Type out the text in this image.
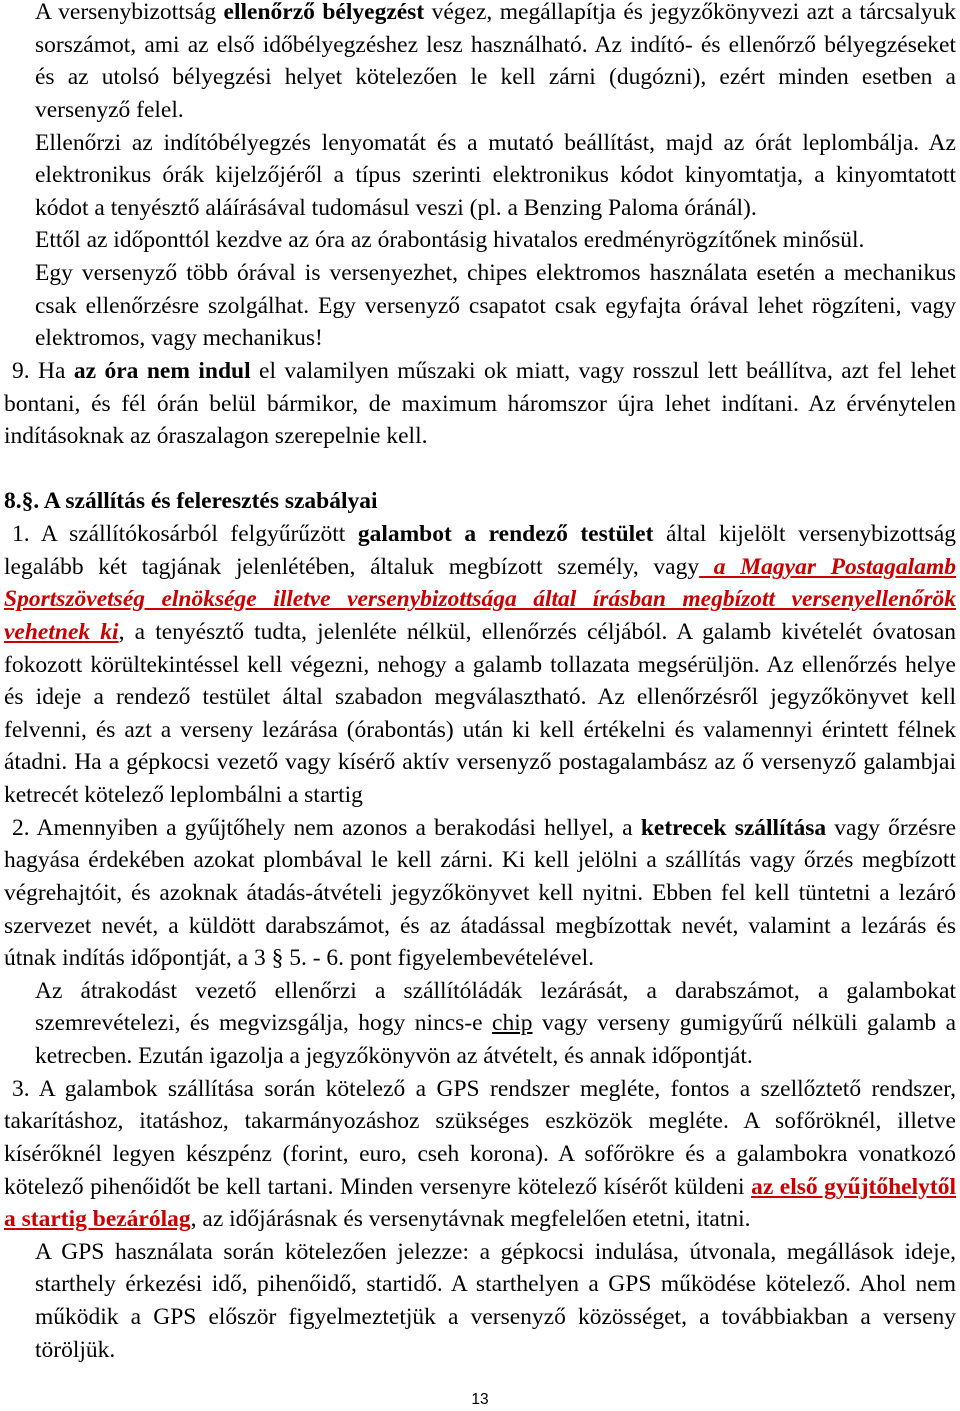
A versenybizottság ellenőrző bélyegzést végez, megállapítja és jegyzőkönyvezi azt a tárcsalyuk
sorszámot, ami az első időbélyegzéshez lesz használható. Az indító- és ellenőrző bélyegzéseket
és az utolsó bélyegzési helyet kötelezően le kell zárni (dugózni), ezért minden esetben a
versenyző felel.
Ellenőrzi az indítóbélyegzés lenyomatát és a mutató beállítást, majd az órát leplombálja. Az
elektronikus órák kijelzőjéről a típus szerinti elektronikus kódot kinyomtatja, a kinyomtatott
kódot a tenyésztő aláírásával tudomásul veszi (pl. a Benzing Paloma óránál).
Ettől az időponttól kezdve az óra az órabontásig hivatalos eredményrögzítőnek minősül.
Egy versenyző több órával is versenyezhet, chipes elektromos használata esetén a mechanikus
csak ellenőrzésre szolgálhat. Egy versenyző csapatot csak egyfajta órával lehet rögzíteni, vagy
elektromos, vagy mechanikus!
9. Ha az óra nem indul el valamilyen műszaki ok miatt, vagy rosszul lett beállítva, azt fel lehet
bontani, és fél órán belül bármikor, de maximum háromszor újra lehet indítani. Az érvénytelen
indításoknak az óraszalagon szerepelnie kell.
8.§. A szállítás és feleresztés szabályai
1. A szállítókosárból felgyűrűzött galambot a rendező testület által kijelölt versenybizottság
legalább két tagjának jelenlétében, általuk megbízott személy, vagy a Magyar Postagalamb
Sportszövetség elnöksége illetve versenybizottsága által írásban megbízott versenyellenőrök
vehetnek ki, a tenyésztő tudta, jelenléte nélkül, ellenőrzés céljából. A galamb kivételét óvatosan
fokozott körültekintéssel kell végezni, nehogy a galamb tollazata megsérüljön. Az ellenőrzés helye
és ideje a rendező testület által szabadon megválasztható. Az ellenőrzésről jegyzőkönyvet kell
felvenni, és azt a verseny lezárása (órabontás) után ki kell értékelni és valamennyi érintett félnek
átadni. Ha a gépkocsi vezető vagy kísérő aktív versenyző postagalambász az ő versenyző galambjai
ketrecét kötelező leplombálni a startig
2. Amennyiben a gyűjtőhely nem azonos a berakodási hellyel, a ketrecek szállítása vagy őrzésre
hagyása érdekében azokat plombával le kell zárni. Ki kell jelölni a szállítás vagy őrzés megbízott
végrehajtóit, és azoknak átadás-átvételi jegyzőkönyvet kell nyitni. Ebben fel kell tüntetni a lezáró
szervezet nevét, a küldött darabszámot, és az átadással megbízottak nevét, valamint a lezárás és
útnak indítás időpontját, a 3 § 5. - 6. pont figyelembevételével.
Az átrakodást vezető ellenőrzi a szállítóládák lezárását, a darabszámot, a galambokat
szemrevételezi, és megvizsgálja, hogy nincs-e chip vagy verseny gumigyűrű nélküli galamb a
ketrecben. Ezután igazolja a jegyzőkönyvön az átvételt, és annak időpontját.
3. A galambok szállítása során kötelező a GPS rendszer megléte, fontos a szellőztető rendszer,
takarításhoz, itatáshoz, takarmányozáshoz szükséges eszközök megléte. A sofőröknél, illetve
kísérőknél legyen készpénz (forint, euro, cseh korona). A sofőrökre és a galambokra vonatkozó
kötelező pihenőidőt be kell tartani. Minden versenyre kötelező kísérőt küldeni az első gyűjtőhelytől
a startig bezárólag, az időjárásnak és versenytávnak megfelelően etetni, itatni.
A GPS használata során kötelezően jelezze: a gépkocsi indulása, útvonala, megállások ideje,
starthely érkezési idő, pihenőidő, startidő. A starthelyen a GPS működése kötelező. Ahol nem
működik a GPS először figyelmeztetjük a versenyző közösséget, a továbbiakban a verseny
töröljük.
13
